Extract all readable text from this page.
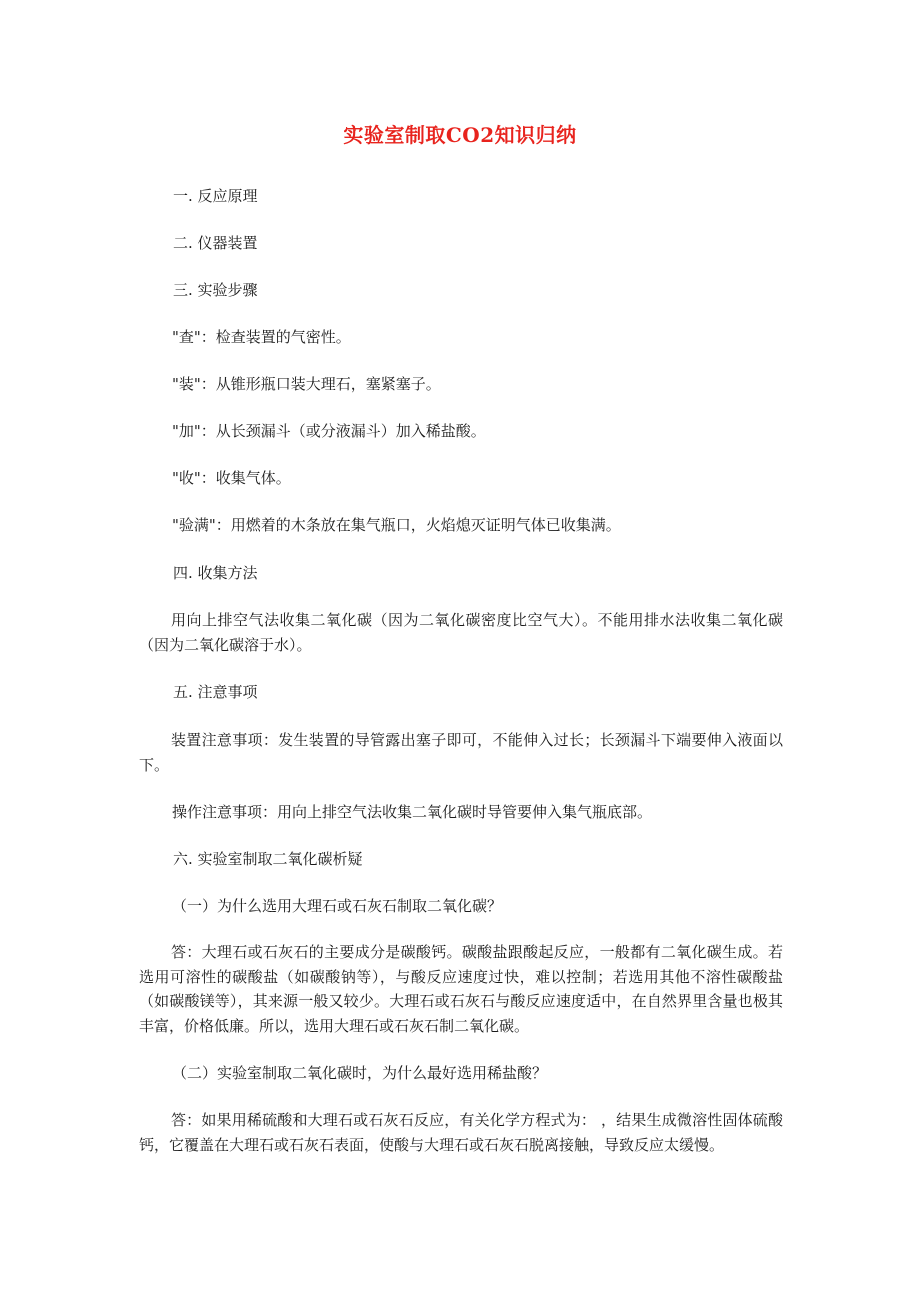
实验室制取CO2知识归纳
一. 反应原理
二. 仪器装置
三. 实验步骤
"查"：检查装置的气密性。
"装"：从锥形瓶口装大理石，塞紧塞子。
"加"：从长颈漏斗（或分液漏斗）加入稀盐酸。
"收"：收集气体。
"验满"：用燃着的木条放在集气瓶口，火焰熄灭证明气体已收集满。
四. 收集方法
用向上排空气法收集二氧化碳（因为二氧化碳密度比空气大）。不能用排水法收集二氧化碳（因为二氧化碳溶于水）。
五. 注意事项
装置注意事项：发生装置的导管露出塞子即可，不能伸入过长；长颈漏斗下端要伸入液面以下。
操作注意事项：用向上排空气法收集二氧化碳时导管要伸入集气瓶底部。
六. 实验室制取二氧化碳析疑
（一）为什么选用大理石或石灰石制取二氧化碳？
答：大理石或石灰石的主要成分是碳酸钙。碳酸盐跟酸起反应，一般都有二氧化碳生成。若选用可溶性的碳酸盐（如碳酸钠等），与酸反应速度过快，难以控制；若选用其他不溶性碳酸盐（如碳酸镁等），其来源一般又较少。大理石或石灰石与酸反应速度适中，在自然界里含量也极其丰富，价格低廉。所以，选用大理石或石灰石制二氧化碳。
（二）实验室制取二氧化碳时，为什么最好选用稀盐酸？
答：如果用稀硫酸和大理石或石灰石反应，有关化学方程式为： ，结果生成微溶性固体硫酸钙，它覆盖在大理石或石灰石表面，使酸与大理石或石灰石脱离接触，导致反应太缓慢。
